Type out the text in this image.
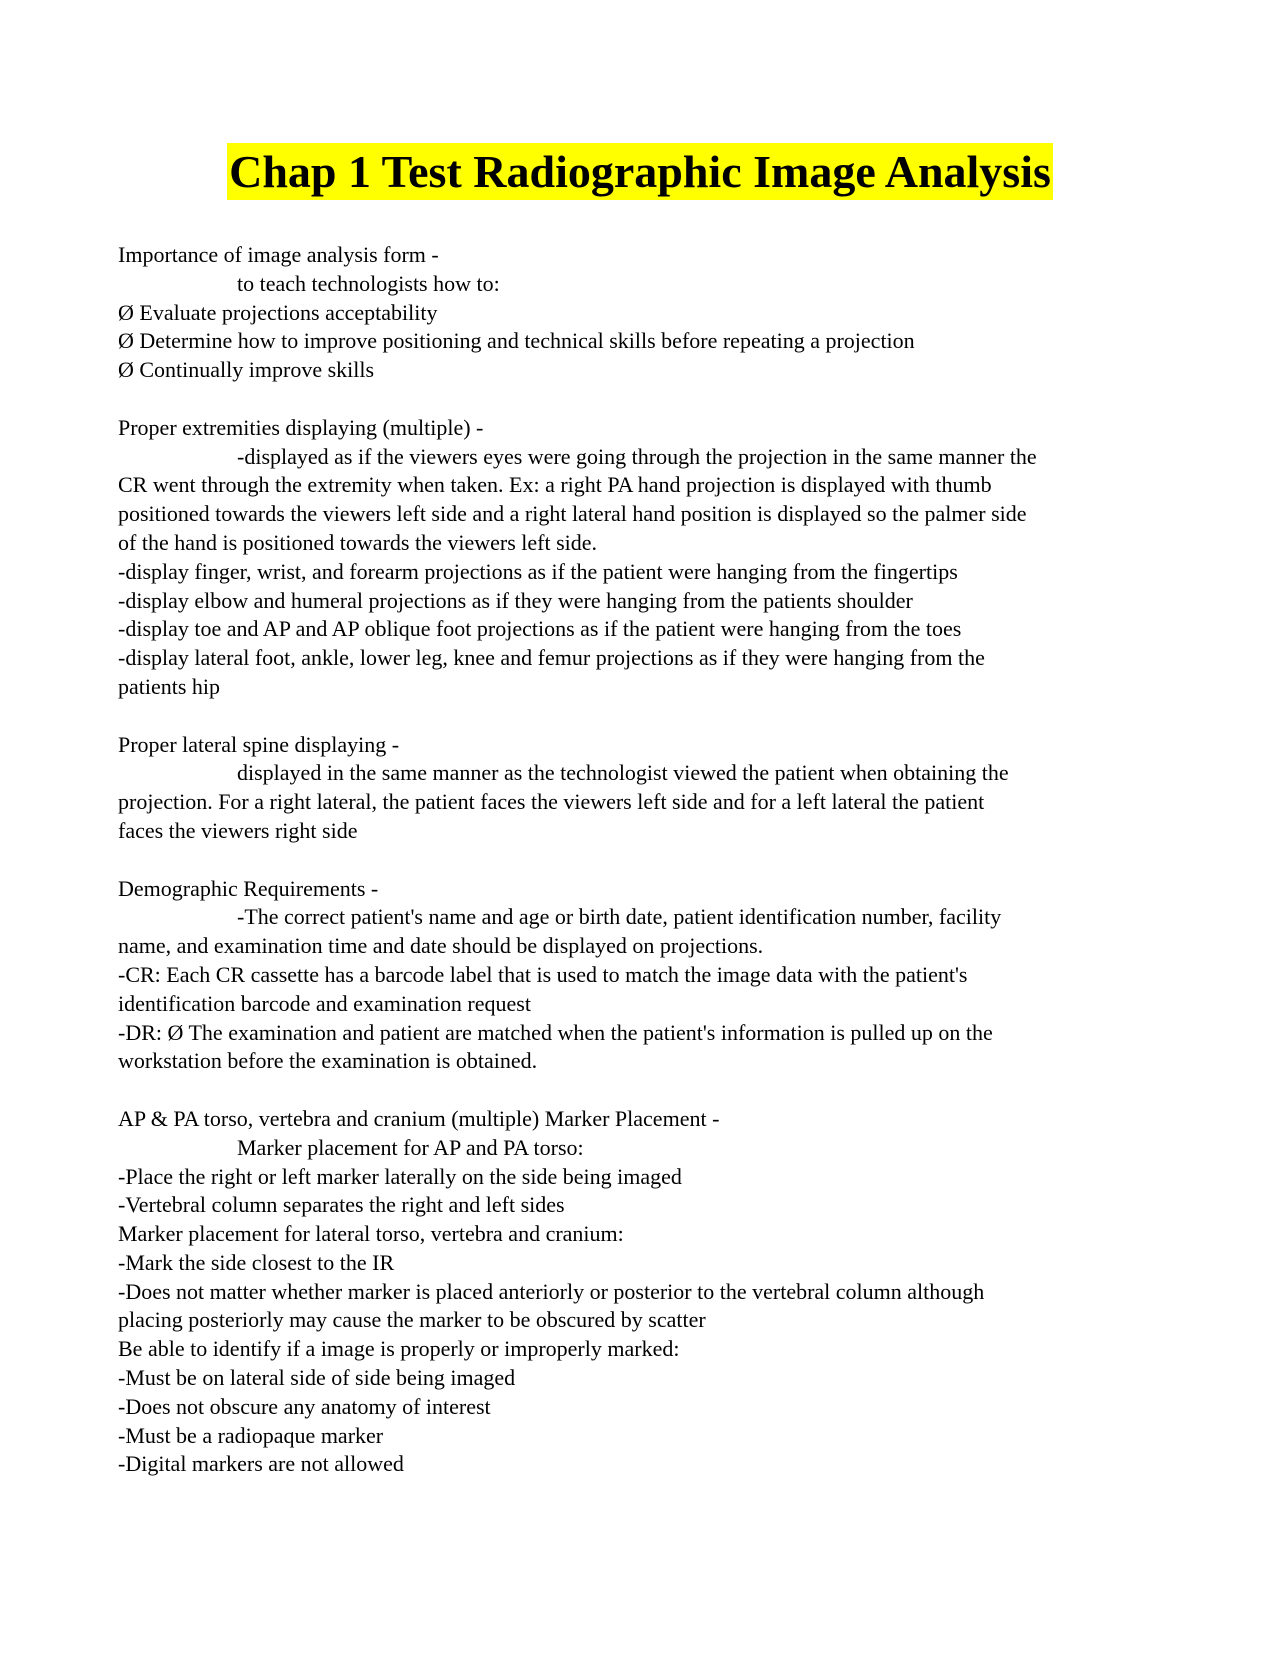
Chap 1 Test Radiographic Image Analysis
Importance of image analysis form -
to teach technologists how to:
Ø Evaluate projections acceptability
Ø Determine how to improve positioning and technical skills before repeating a projection
Ø Continually improve skills
Proper extremities displaying (multiple) -
-displayed as if the viewers eyes were going through the projection in the same manner the
CR went through the extremity when taken. Ex: a right PA hand projection is displayed with thumb
positioned towards the viewers left side and a right lateral hand position is displayed so the palmer side
of the hand is positioned towards the viewers left side.
-display finger, wrist, and forearm projections as if the patient were hanging from the fingertips
-display elbow and humeral projections as if they were hanging from the patients shoulder
-display toe and AP and AP oblique foot projections as if the patient were hanging from the toes
-display lateral foot, ankle, lower leg, knee and femur projections as if they were hanging from the
patients hip
Proper lateral spine displaying -
displayed in the same manner as the technologist viewed the patient when obtaining the
projection. For a right lateral, the patient faces the viewers left side and for a left lateral the patient
faces the viewers right side
Demographic Requirements -
-The correct patient's name and age or birth date, patient identification number, facility
name, and examination time and date should be displayed on projections.
-CR: Each CR cassette has a barcode label that is used to match the image data with the patient's
identification barcode and examination request
-DR: Ø The examination and patient are matched when the patient's information is pulled up on the
workstation before the examination is obtained.
AP & PA torso, vertebra and cranium (multiple) Marker Placement -
Marker placement for AP and PA torso:
-Place the right or left marker laterally on the side being imaged
-Vertebral column separates the right and left sides
Marker placement for lateral torso, vertebra and cranium:
-Mark the side closest to the IR
-Does not matter whether marker is placed anteriorly or posterior to the vertebral column although
placing posteriorly may cause the marker to be obscured by scatter
Be able to identify if a image is properly or improperly marked:
-Must be on lateral side of side being imaged
-Does not obscure any anatomy of interest
-Must be a radiopaque marker
-Digital markers are not allowed
